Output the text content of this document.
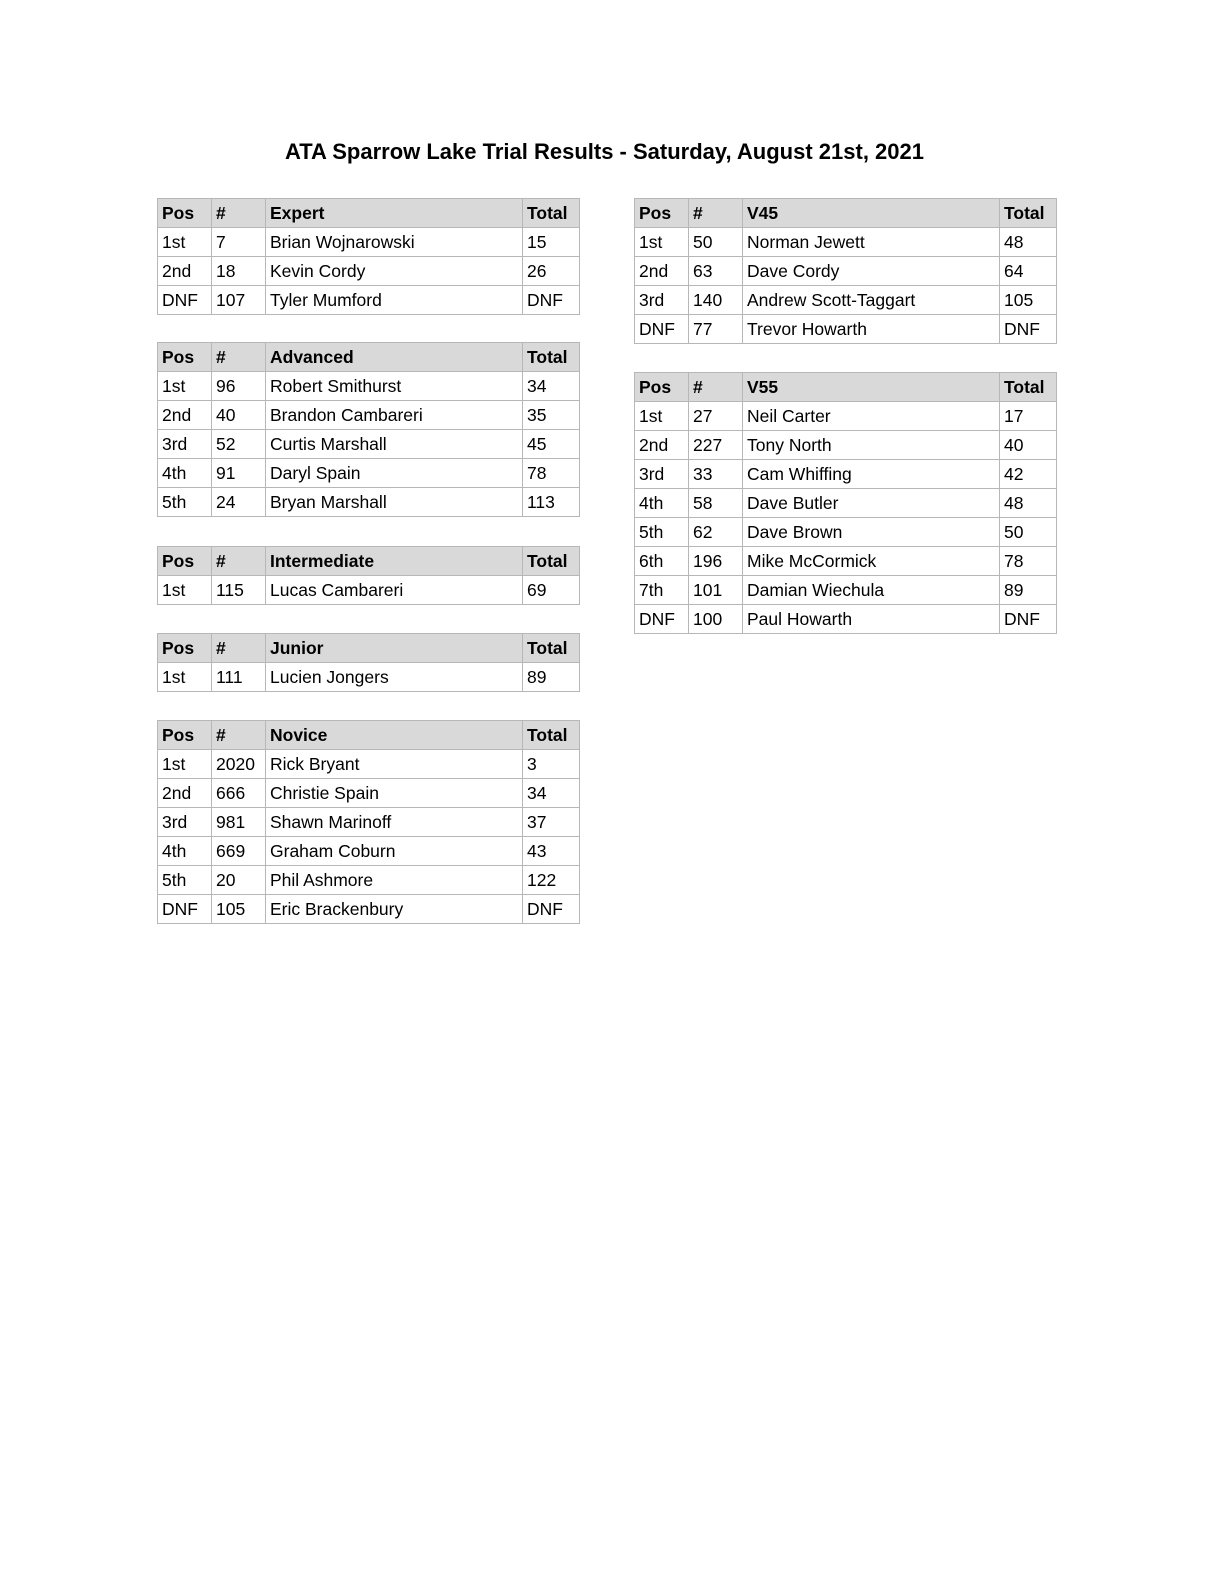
ATA Sparrow Lake Trial Results - Saturday, August 21st, 2021
Pos	#	Expert	Total
1st	7	Brian Wojnarowski	15
2nd	18	Kevin Cordy	26
DNF	107	Tyler Mumford	DNF
Pos	#	Advanced	Total
1st	96	Robert Smithurst	34
2nd	40	Brandon Cambareri	35
3rd	52	Curtis Marshall	45
4th	91	Daryl Spain	78
5th	24	Bryan Marshall	113
Pos	#	Intermediate	Total
1st	115	Lucas Cambareri	69
Pos	#	Junior	Total
1st	111	Lucien Jongers	89
Pos	#	Novice	Total
1st	2020	Rick Bryant	3
2nd	666	Christie Spain	34
3rd	981	Shawn Marinoff	37
4th	669	Graham Coburn	43
5th	20	Phil Ashmore	122
DNF	105	Eric Brackenbury	DNF
Pos	#	V45	Total
1st	50	Norman Jewett	48
2nd	63	Dave Cordy	64
3rd	140	Andrew Scott-Taggart	105
DNF	77	Trevor Howarth	DNF
Pos	#	V55	Total
1st	27	Neil Carter	17
2nd	227	Tony North	40
3rd	33	Cam Whiffing	42
4th	58	Dave Butler	48
5th	62	Dave Brown	50
6th	196	Mike McCormick	78
7th	101	Damian Wiechula	89
DNF	100	Paul Howarth	DNF
